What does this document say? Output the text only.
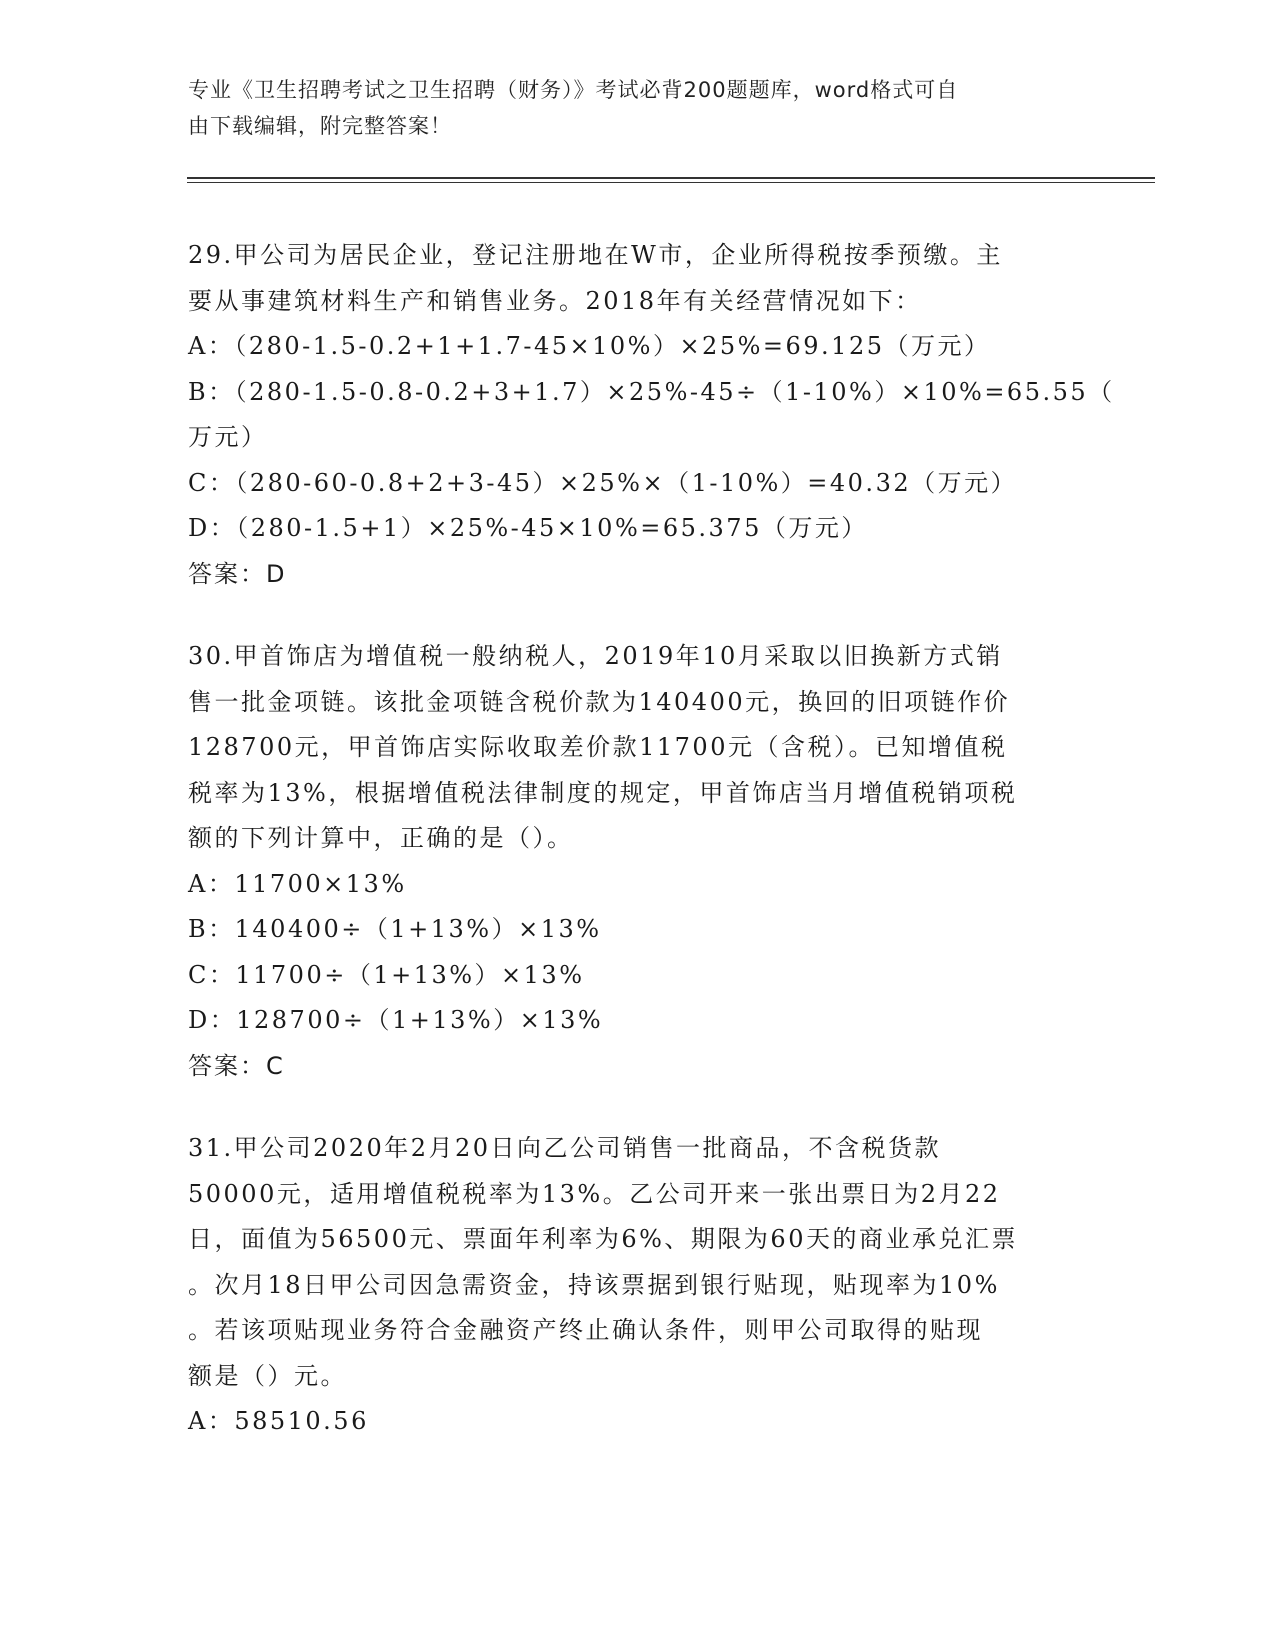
专业《卫生招聘考试之卫生招聘（财务）》考试必背200题题库，word格式可自
由下载编辑，附完整答案！
29.甲公司为居民企业，登记注册地在W市，企业所得税按季预缴。主
要从事建筑材料生产和销售业务。2018年有关经营情况如下：
A：（280-1.5-0.2+1+1.7-45×10%）×25%=69.125（万元）
B：（280-1.5-0.8-0.2+3+1.7）×25%-45÷（1-10%）×10%=65.55（
万元）
C：（280-60-0.8+2+3-45）×25%×（1-10%）=40.32（万元）
D：（280-1.5+1）×25%-45×10%=65.375（万元）
答案：D
30.甲首饰店为增值税一般纳税人，2019年10月采取以旧换新方式销
售一批金项链。该批金项链含税价款为140400元，换回的旧项链作价
128700元，甲首饰店实际收取差价款11700元（含税）。已知增值税
税率为13%，根据增值税法律制度的规定，甲首饰店当月增值税销项税
额的下列计算中，正确的是（）。
A：11700×13%
B：140400÷（1+13%）×13%
C：11700÷（1+13%）×13%
D：128700÷（1+13%）×13%
答案：C
31.甲公司2020年2月20日向乙公司销售一批商品，不含税货款
50000元，适用增值税税率为13%。乙公司开来一张出票日为2月22
日，面值为56500元、票面年利率为6%、期限为60天的商业承兑汇票
。次月18日甲公司因急需资金，持该票据到银行贴现，贴现率为10%
。若该项贴现业务符合金融资产终止确认条件，则甲公司取得的贴现
额是（）元。
A：58510.56
